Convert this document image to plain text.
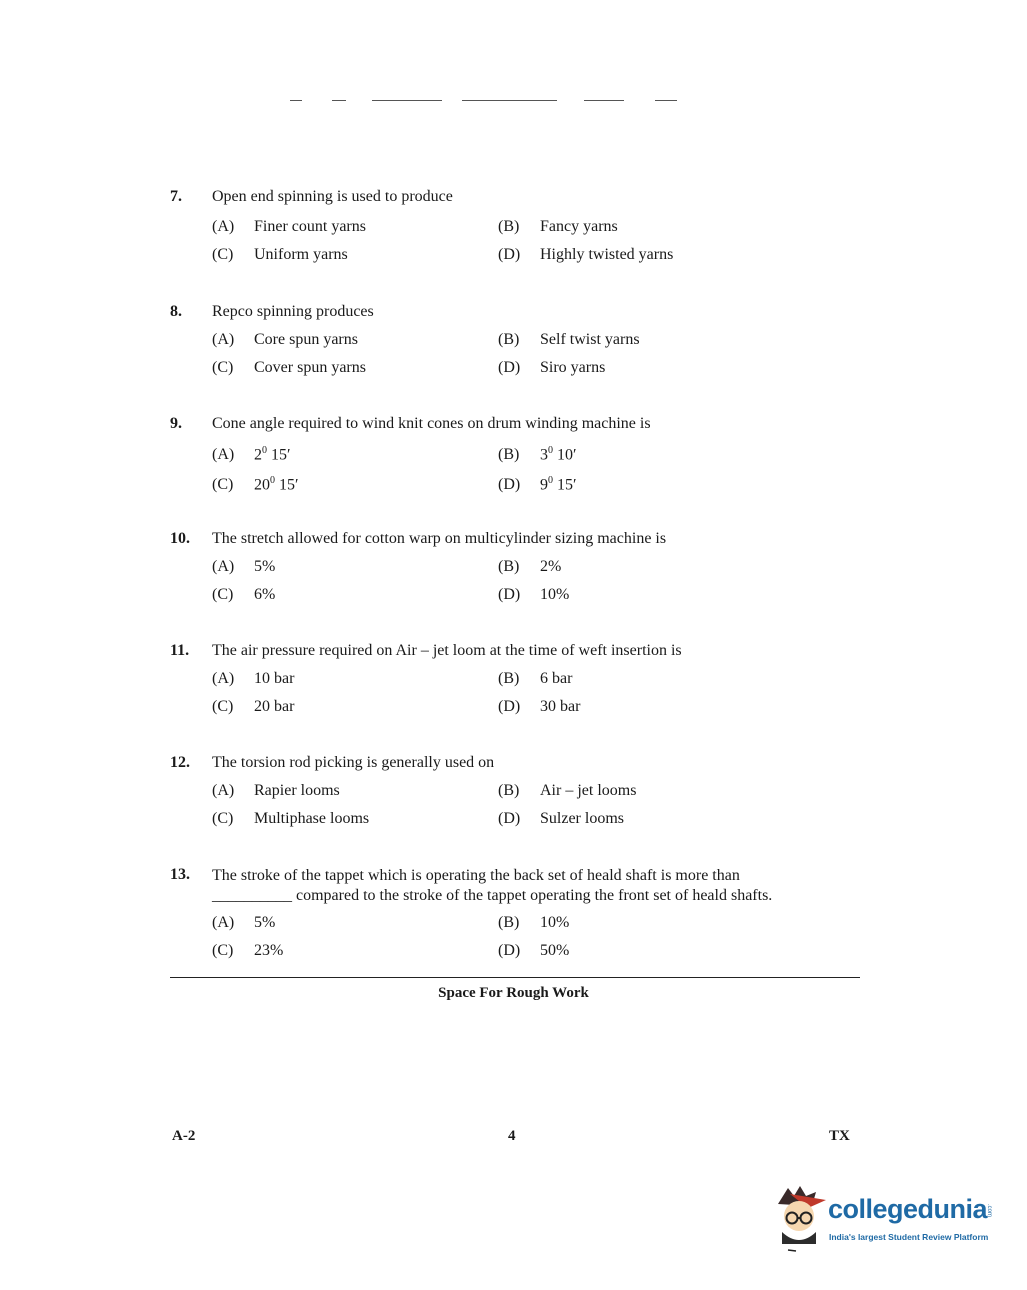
7. Open end spinning is used to produce
(A) Finer count yarns	(B) Fancy yarns
(C) Uniform yarns	(D) Highly twisted yarns
8. Repco spinning produces
(A) Core spun yarns	(B) Self twist yarns
(C) Cover spun yarns	(D) Siro yarns
9. Cone angle required to wind knit cones on drum winding machine is
(A) $2^0$ 15′	(B) $3^0$ 10′
(C) $20^0$ 15′	(D) $9^0$ 15′
10. The stretch allowed for cotton warp on multicylinder sizing machine is
(A) 5%	(B) 2%
(C) 6%	(D) 10%
11. The air pressure required on Air – jet loom at the time of weft insertion is
(A) 10 bar	(B) 6 bar
(C) 20 bar	(D) 30 bar
12. The torsion rod picking is generally used on
(A) Rapier looms	(B) Air – jet looms
(C) Multiphase looms	(D) Sulzer looms
13. The stroke of the tappet which is operating the back set of heald shaft is more than
__________ compared to the stroke of the tappet operating the front set of heald shafts.
(A) 5%	(B) 10%
(C) 23%	(D) 50%
Space For Rough Work
A-2	4	TX
collegedunia
.com
India's largest Student Review Platform
